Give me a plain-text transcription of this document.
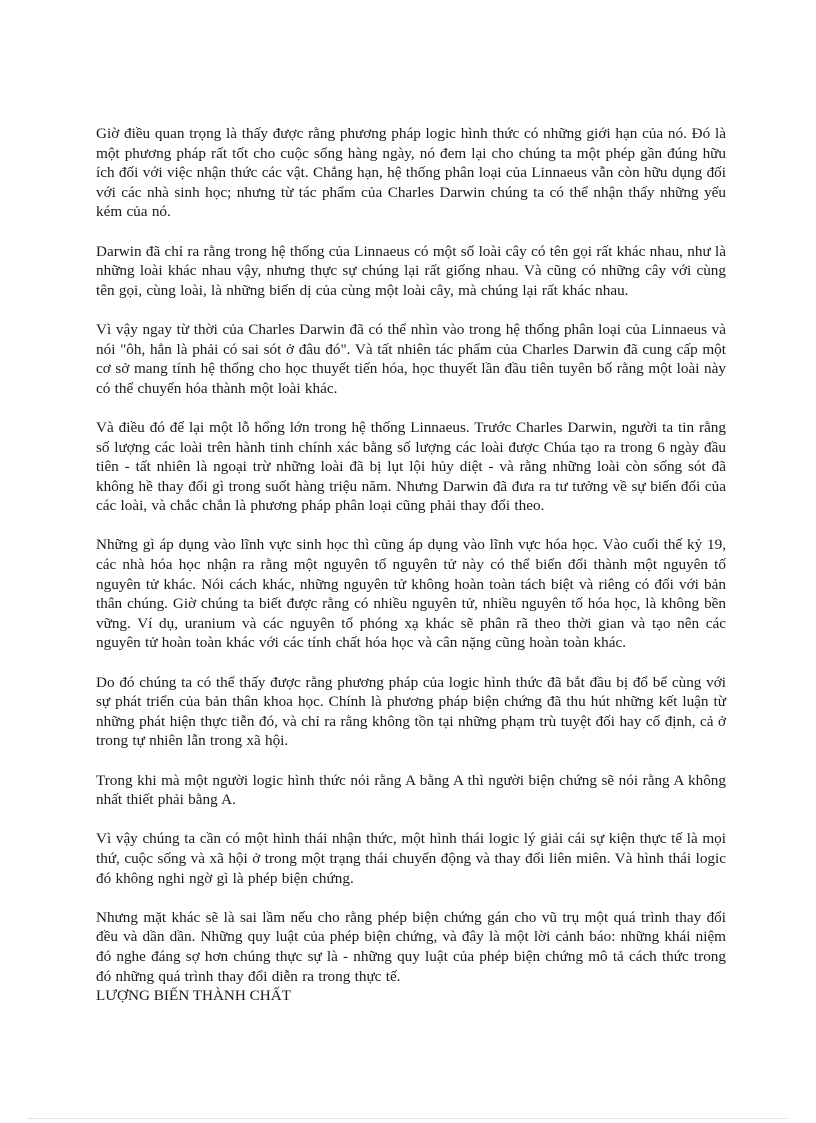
Giờ điều quan trọng là thấy được rằng phương pháp logic hình thức có những giới hạn của nó. Đó là một phương pháp rất tốt cho cuộc sống hàng ngày, nó đem lại cho chúng ta một phép gần đúng hữu ích đối với việc nhận thức các vật. Chẳng hạn, hệ thống phân loại của Linnaeus vẫn còn hữu dụng đối với các nhà sinh học; nhưng từ tác phẩm của Charles Darwin chúng ta có thể nhận thấy những yếu kém của nó.

Darwin đã chỉ ra rằng trong hệ thống của Linnaeus có một số loài cây có tên gọi rất khác nhau, như là những loài khác nhau vậy, nhưng thực sự chúng lại rất giống nhau. Và cũng có những cây với cùng tên gọi, cùng loài, là những biến dị của cùng một loài cây, mà chúng lại rất khác nhau.

Vì vậy ngay từ thời của Charles Darwin đã có thể nhìn vào trong hệ thống phân loại của Linnaeus và nói "ôh, hẳn là phải có sai sót ở đâu đó". Và tất nhiên tác phẩm của Charles Darwin đã cung cấp một cơ sở mang tính hệ thống cho học thuyết tiến hóa, học thuyết lần đầu tiên tuyên bố rằng một loài này có thể chuyển hóa thành một loài khác.

Và điều đó để lại một lỗ hổng lớn trong hệ thống Linnaeus. Trước Charles Darwin, người ta tin rằng số lượng các loài trên hành tinh chính xác bằng số lượng các loài được Chúa tạo ra trong 6 ngày đầu tiên - tất nhiên là ngoại trừ những loài đã bị lụt lội hủy diệt - và rằng những loài còn sống sót đã không hề thay đổi gì trong suốt hàng triệu năm. Nhưng Darwin đã đưa ra tư tưởng về sự biến đổi của các loài, và chắc chắn là phương pháp phân loại cũng phải thay đổi theo.

Những gì áp dụng vào lĩnh vực sinh học thì cũng áp dụng vào lĩnh vực hóa học. Vào cuối thế kỷ 19, các nhà hóa học nhận ra rằng một nguyên tố nguyên tử này có thể biến đổi thành một nguyên tố nguyên tử khác. Nói cách khác, những nguyên tử không hoàn toàn tách biệt và riêng có đối với bản thân chúng. Giờ chúng ta biết được rằng có nhiều nguyên tử, nhiều nguyên tố hóa học, là không bền vững. Ví dụ, uranium và các nguyên tố phóng xạ khác sẽ phân rã theo thời gian và tạo nên các nguyên tử hoàn toàn khác với các tính chất hóa học và cân nặng cũng hoàn toàn khác.

Do đó chúng ta có thể thấy được rằng phương pháp của logic hình thức đã bắt đầu bị đổ bể cùng với sự phát triển của bản thân khoa học. Chính là phương pháp biện chứng đã thu hút những kết luận từ những phát hiện thực tiễn đó, và chỉ ra rằng không tồn tại những phạm trù tuyệt đối hay cố định, cả ở trong tự nhiên lẫn trong xã hội.

Trong khi mà một người logic hình thức nói rằng A bằng A thì người biện chứng sẽ nói rằng A không nhất thiết phải bằng A.

Vì vậy chúng ta cần có một hình thái nhận thức, một hình thái logic lý giải cái sự kiện thực tế là mọi thứ, cuộc sống và xã hội ở trong một trạng thái chuyển động và thay đổi liên miên. Và hình thái logic đó không nghi ngờ gì là phép biện chứng.

Nhưng mặt khác sẽ là sai lầm nếu cho rằng phép biện chứng gán cho vũ trụ một quá trình thay đổi đều và dần dần. Những quy luật của phép biện chứng, và đây là một lời cảnh báo: những khái niệm đó nghe đáng sợ hơn chúng thực sự là - những quy luật của phép biện chứng mô tả cách thức trong đó những quá trình thay đổi diễn ra trong thực tế.

LƯỢNG BIẾN THÀNH CHẤT
